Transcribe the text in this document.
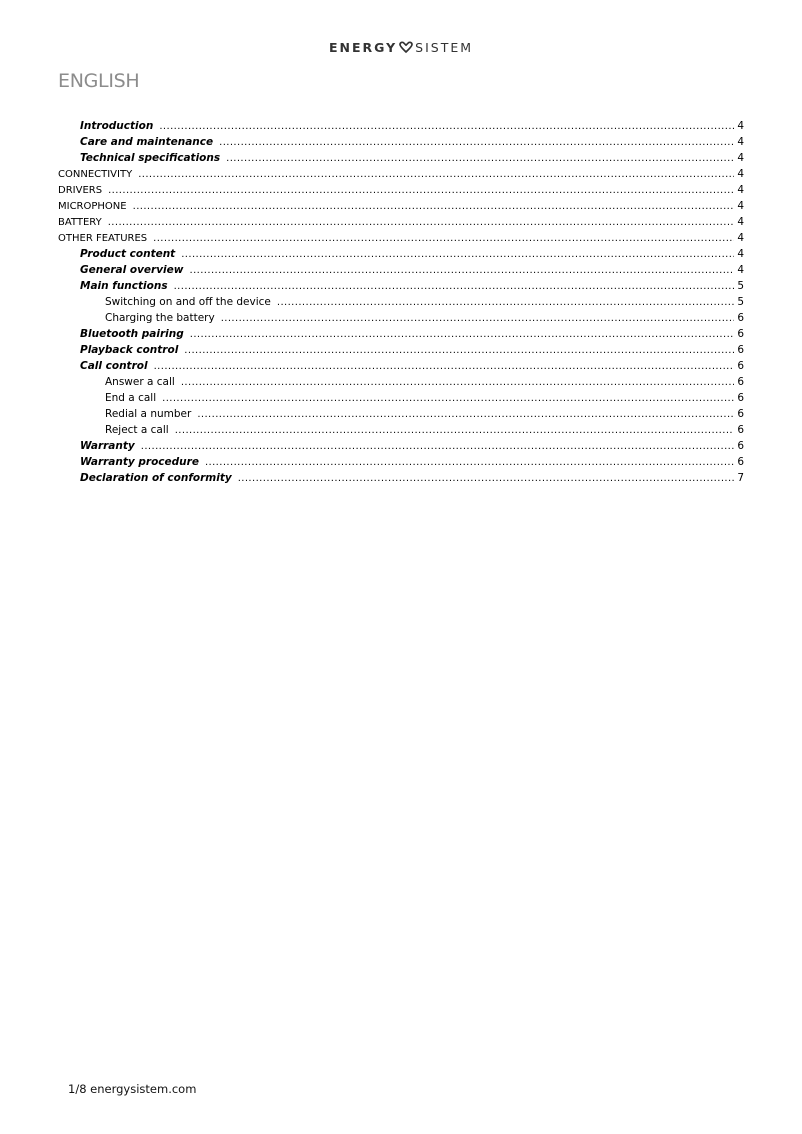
ENERGY SISTEM
ENGLISH
Introduction .....	4
Care and maintenance .....	4
Technical specifications .....	4
CONNECTIVITY .....	4
DRIVERS .....	4
MICROPHONE .....	4
BATTERY .....	4
OTHER FEATURES .....	4
Product content .....	4
General overview .....	4
Main functions .....	5
Switching on and off the device .....	5
Charging the battery .....	6
Bluetooth pairing .....	6
Playback control .....	6
Call control .....	6
Answer a call .....	6
End a call .....	6
Redial a number .....	6
Reject a call .....	6
Warranty .....	6
Warranty procedure .....	6
Declaration of conformity .....	7
1/8 energysistem.com
